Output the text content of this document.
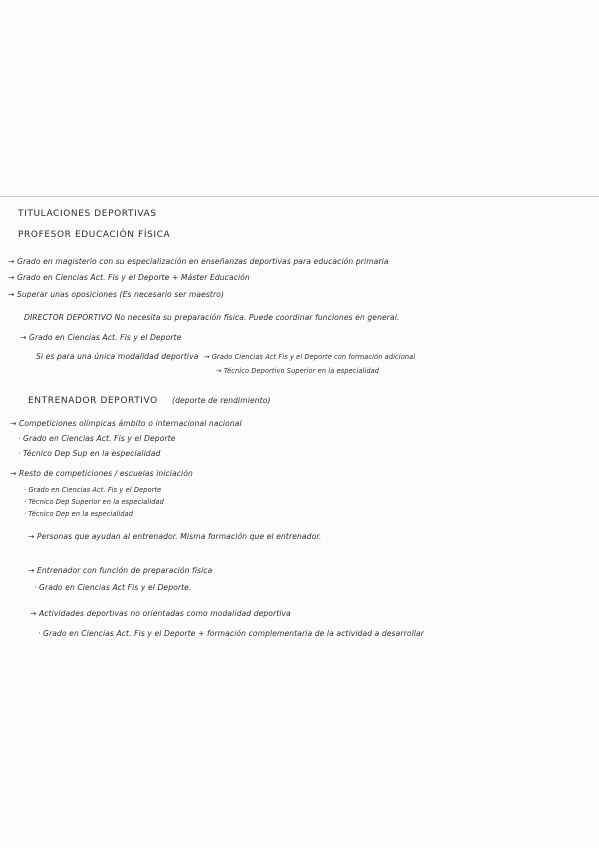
TITULACIONES DEPORTIVAS
PROFESOR EDUCACIÓN FÍSICA
→ Grado en magisterio con su especialización en enseñanzas deportivas para educación primaria
→ Grado en Ciencias Act. Fis y el Deporte + Máster Educación
→ Superar unas oposiciones (Es necesario ser maestro)
DIRECTOR DEPORTIVO No necesita su preparación física. Puede coordinar funciones en general.
→ Grado en Ciencias Act. Fis y el Deporte
Si es para una única modalidad deportiva → Grado Ciencias Act Fis y el Deporte con formación adicional
→ Técnico Deportivo Superior en la especialidad
ENTRENADOR DEPORTIVO (deporte de rendimiento)
→ Competiciones olímpicas ámbito o internacional nacional
· Grado en Ciencias Act. Fis y el Deporte
· Técnico Dep Sup en la especialidad
→ Resto de competiciones / escuelas iniciación
· Grado en Ciencias Act. Fis y el Deporte
· Técnico Dep Superior en la especialidad
· Técnico Dep en la especialidad
→ Personas que ayudan al entrenador. Misma formación que el entrenador.
→ Entrenador con función de preparación física
· Grado en Ciencias Act Fis y el Deporte.
→ Actividades deportivas no orientadas como modalidad deportiva
· Grado en Ciencias Act. Fis y el Deporte + formación complementaria de la actividad a desarrollar
